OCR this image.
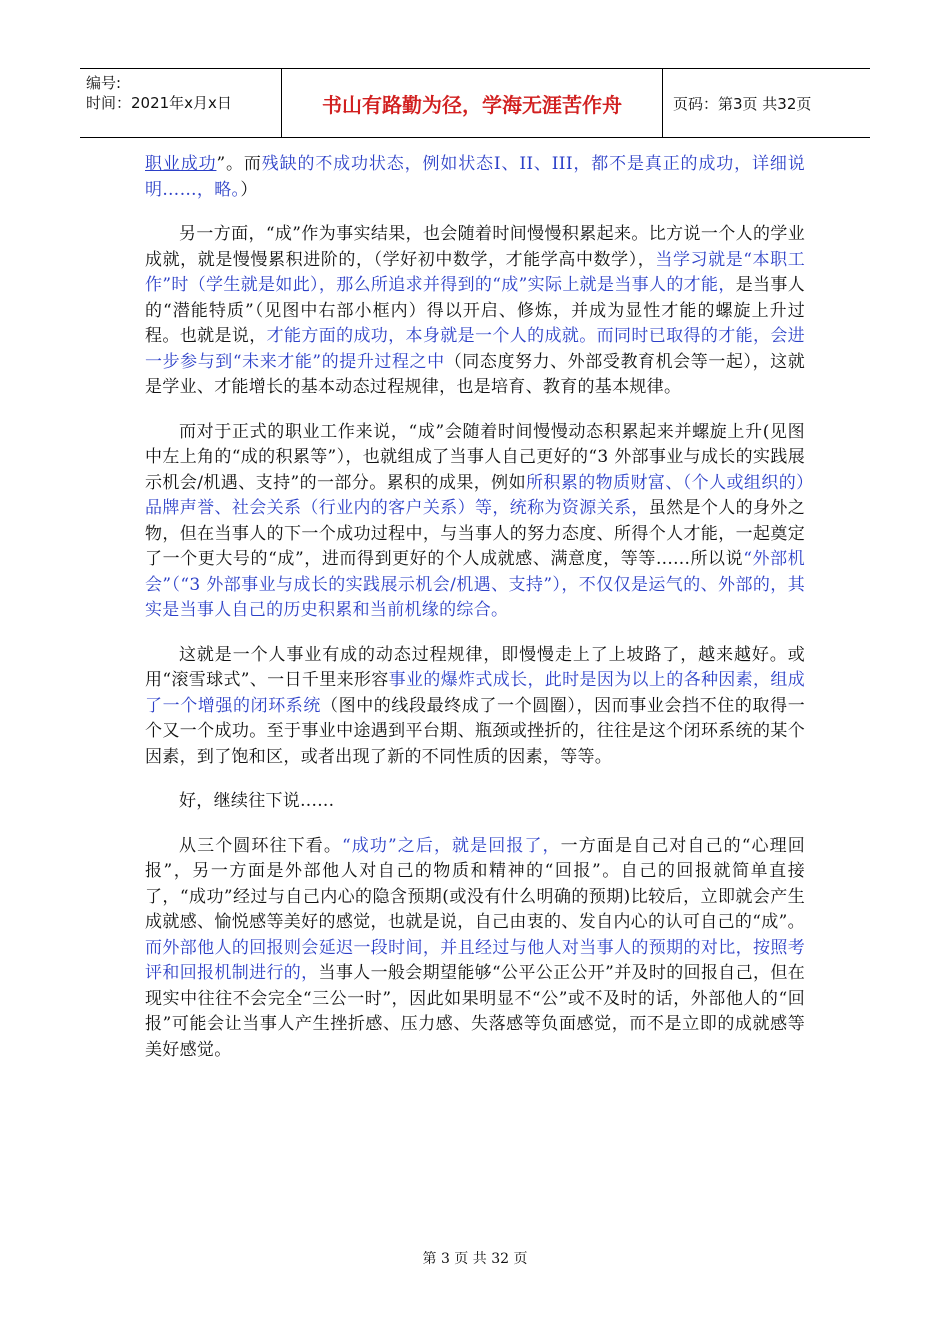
编号:
时间：2021年x月x日	书山有路勤为径，学海无涯苦作舟	页码：第3页 共32页

职业成功”。而残缺的不成功状态，例如状态I、II、III，都不是真正的成功，详细说明……，略。）

另一方面，“成”作为事实结果，也会随着时间慢慢积累起来。比方说一个人的学业成就，就是慢慢累积进阶的，（学好初中数学，才能学高中数学），当学习就是“本职工作”时（学生就是如此），那么所追求并得到的“成”实际上就是当事人的才能，是当事人的“潜能特质”（见图中右部小框内）得以开启、修炼，并成为显性才能的螺旋上升过程。也就是说，才能方面的成功，本身就是一个人的成就。而同时已取得的才能，会进一步参与到“未来才能”的提升过程之中（同态度努力、外部受教育机会等一起），这就是学业、才能增长的基本动态过程规律，也是培育、教育的基本规律。

而对于正式的职业工作来说，“成”会随着时间慢慢动态积累起来并螺旋上升(见图中左上角的“成的积累等”），也就组成了当事人自己更好的“3 外部事业与成长的实践展示机会/机遇、支持”的一部分。累积的成果，例如所积累的物质财富、（个人或组织的）品牌声誉、社会关系（行业内的客户关系）等，统称为资源关系，虽然是个人的身外之物，但在当事人的下一个成功过程中，与当事人的努力态度、所得个人才能，一起奠定了一个更大号的“成”，进而得到更好的个人成就感、满意度，等等......所以说“外部机会”（“3 外部事业与成长的实践展示机会/机遇、支持”），不仅仅是运气的、外部的，其实是当事人自己的历史积累和当前机缘的综合。

这就是一个人事业有成的动态过程规律，即慢慢走上了上坡路了，越来越好。或用“滚雪球式”、一日千里来形容事业的爆炸式成长，此时是因为以上的各种因素，组成了一个增强的闭环系统（图中的线段最终成了一个圆圈），因而事业会挡不住的取得一个又一个成功。至于事业中途遇到平台期、瓶颈或挫折的，往往是这个闭环系统的某个因素，到了饱和区，或者出现了新的不同性质的因素，等等。

好，继续往下说......

从三个圆环往下看。“成功”之后，就是回报了，一方面是自己对自己的“心理回报”，另一方面是外部他人对自己的物质和精神的“回报”。自己的回报就简单直接了，“成功”经过与自己内心的隐含预期(或没有什么明确的预期)比较后，立即就会产生成就感、愉悦感等美好的感觉，也就是说，自己由衷的、发自内心的认可自己的“成”。而外部他人的回报则会延迟一段时间，并且经过与他人对当事人的预期的对比，按照考评和回报机制进行的，当事人一般会期望能够“公平公正公开”并及时的回报自己，但在现实中往往不会完全“三公一时”，因此如果明显不“公”或不及时的话，外部他人的“回报”可能会让当事人产生挫折感、压力感、失落感等负面感觉，而不是立即的成就感等美好感觉。

第 3 页 共 32 页
